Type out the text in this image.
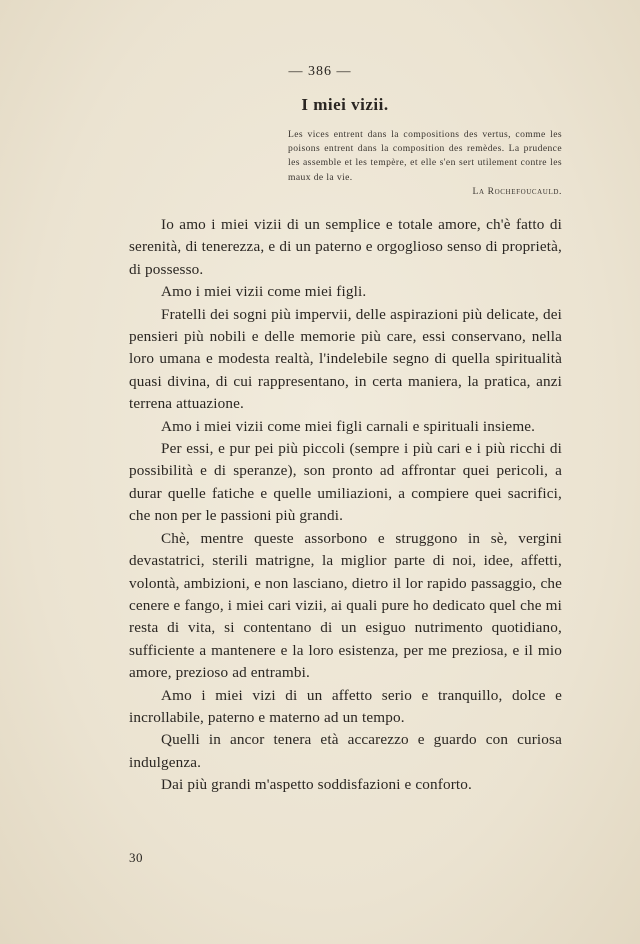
— 386 —
I miei vizii.
Les vices entrent dans la compositions des vertus, comme les poisons entrent dans la composition des remèdes. La prudence les assemble et les tempère, et elle s'en sert utilement contre les maux de la vie.
La Rochefoucauld.

Io amo i miei vizii di un semplice e totale amore, ch'è fatto di serenità, di tenerezza, e di un paterno e orgoglioso senso di proprietà, di possesso.

Amo i miei vizii come miei figli.

Fratelli dei sogni più impervii, delle aspirazioni più delicate, dei pensieri più nobili e delle memorie più care, essi conservano, nella loro umana e modesta realtà, l'indelebile segno di quella spiritualità quasi divina, di cui rappresentano, in certa maniera, la pratica, anzi terrena attuazione.

Amo i miei vizii come miei figli carnali e spirituali insieme.

Per essi, e pur pei più piccoli (sempre i più cari e i più ricchi di possibilità e di speranze), son pronto ad affrontar quei pericoli, a durar quelle fatiche e quelle umiliazioni, a compiere quei sacrifici, che non per le passioni più grandi.

Chè, mentre queste assorbono e struggono in sè, vergini devastatrici, sterili matrigne, la miglior parte di noi, idee, affetti, volontà, ambizioni, e non lasciano, dietro il lor rapido passaggio, che cenere e fango, i miei cari vizii, ai quali pure ho dedicato quel che mi resta di vita, si contentano di un esiguo nutrimento quotidiano, sufficiente a mantenere e la loro esistenza, per me preziosa, e il mio amore, prezioso ad entrambi.

Amo i miei vizi di un affetto serio e tranquillo, dolce e incrollabile, paterno e materno ad un tempo.

Quelli in ancor tenera età accarezzo e guardo con curiosa indulgenza.

Dai più grandi m'aspetto soddisfazioni e conforto.

30
